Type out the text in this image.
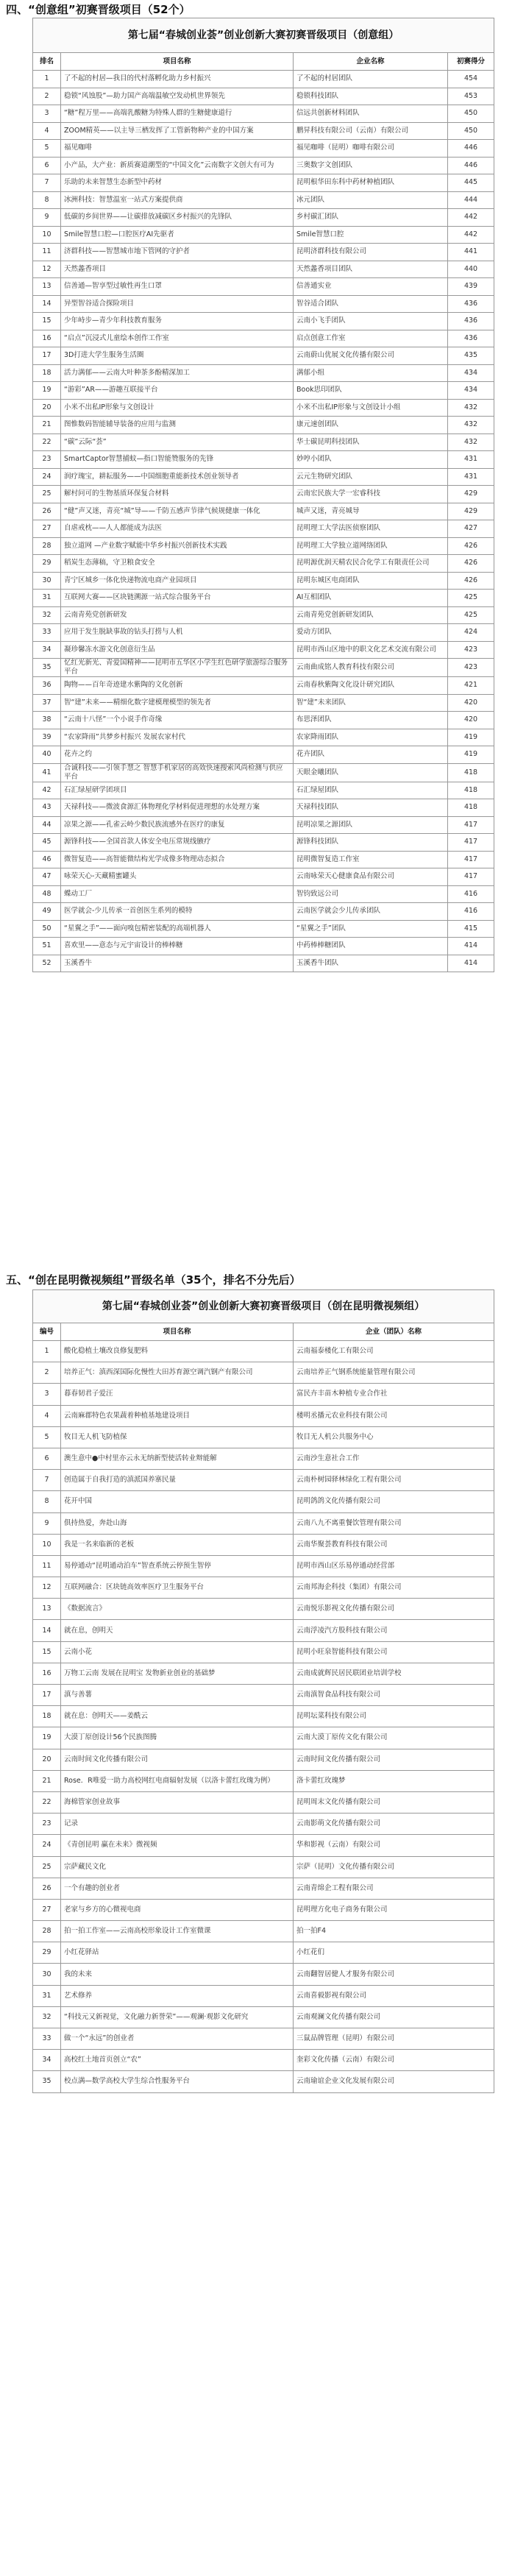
四、“创意组”初赛晋级项目（52个）
第七届“春城创业荟”创业创新大赛初赛晋级项目（创意组）			
排名	项目名称	企业名称	初赛得分
1	了不起的村居—我目的代村落孵化助力乡村振兴	了不起的村居团队	454
2	稳锁“风蚀股”—助力国产高端温敏空发动机世界领先	稳锁科技团队	453
3	“糖”程万里——高端乳酸糖为特殊人群的生糖健康道行	信远共创新材料团队	450
4	ZOOM精英——以主导三栖发挥了工管新物种产业的中国方案	鹏昇科技有限公司（云南）有限公司	450
5	福见咖啡	福见咖啡（昆明）咖啡有限公司	446
6	小产品，大产业：新质赛道潮型的“中国文化”云南数字文创大有可为	三奥数字文创团队	446
7	乐助的未来智慧生态新型中药材	昆明根华田东科中药材种植团队	445
8	冰洲科技：智慧温室一站式方案提供商	冰元团队	444
9	低碳的乡间世界——让碳排放减碳区乡村振兴的先锋队	乡村碳汇团队	442
10	Smile智慧口腔—口腔医疗AI先驱者	Smile智慧口腔	442
11	济群科技——智慧城市地下管网的守护者	昆明济群科技有限公司	441
12	天然蠡香项目	天然蠡香项目团队	440
13	信善通—智享型过敏性再生口罩	信善通实业	439
14	异型智谷适合探险项目	智谷适合团队	436
15	少年峙步—青少年科技教育服务	云南小飞手团队	436
16	“启点”沉浸式儿童绘本创作工作室	启点创意工作室	436
17	3D打进大学生服务生活圈	云南蔚山优展文化传播有限公司	435
18	活力满郁——云南大叶种茶多酚精深加工	满郁小组	434
19	“游彩”AR——游趣互联接平台	Book思印团队	434
20	小米不出私IP形象与文创设计	小米不出私IP形象与文创设计小组	432
21	图惟数码智能辅导装备的应用与监测	康元速创团队	432
22	“碳”云际“荟”	华士碳昆明科技团队	432
23	SmartCaptor智慧捕蚊—指口智能赞服务的先锋	妙哼小团队	431
24	润疗瑰宝，耕耘服务——中国细胞重能新技术创业领导者	云元生物研究团队	431
25	解村问可的生物基质环保复合材料	云南宏民族大学一宏睿科技	429
26	“健”声又迷，青亮“城”导——千防五感声节律气候规健康一体化	城声又迷，青亮城导	429
27	自虐戒枕——人人都能成为法医	昆明理工大学法医侦察团队	427
28	独立道网 —产业数字赋能中华乡村振兴创新技术实践	昆明理工大学独立道网络团队	426
29	稻炭生态薄稿，守卫粮食安全	昆明源优润天精农民合化学工有限责任公司	426
30	青宁区城乡一体化快递物流电商产业园项目	昆明东城区电商团队	426
31	互联网大赛——区块链溯源一站式综合服务平台	AI互相团队	425
32	云南青苑党创新研发	云南青苑党创新研发团队	425
33	应用于发生脱缺事故的钻头打捞与人机	爱动方团队	424
34	凝珍馨冻水游文化创意衍生品	昆明市西山区地中的职文化艺术交流有限公司	423
35	忆红光新光、青爱国精神——昆明市五华区小学生红色研学旅游综合服务平台	云南曲成铭人教育科技有限公司	423
36	陶物——百年奇迹建水紫陶的文化创新	云南春秋紫陶文化设计研究团队	421
37	智“建”未来——精细化数字建模理模型的领先者	智“建”未来团队	420
38	“云南十八怪”一个小说手作奇缘	布思泽团队	420
39	“农家降雨”共梦乡村振兴 发展农家村代	农家降雨团队	419
40	花卉之约	花卉团队	419
41	合诚科技——引领手慧之 智慧手机家居的高效快速搜索风尚检测与供应平台	天眼金曦团队	418
42	石汇绿屋研学团项目	石汇绿屋团队	418
43	天禄科技——微波食源汇体物理化学材料促进理想的水处理方案	天禄科技团队	418
44	凉果之源——孔雀云岭少数民族流感外在医疗的康复	昆明凉果之源团队	417
45	源锋科技——全国首款人体安全电压常规线腋疗	源锋科技团队	417
46	微智复造——高智能微结构光学成像多物理动态拟合	昆明微智复造工作室	417
47	咏荣天心-天藏精蜜罐头	云南咏荣天心健康食品有限公司	417
48	蝶动工厂	智钧致远公司	416
49	医学就会-少儿传承一首创医生系列的模特	云南医学就会少儿传承团队	416
50	“星翼之手”——面向嗅包精密装配的高端机器人	“星翼之手”团队	415
51	喜欢里——意态与元宇宙设计的棒棒糖	中药棒棒糖团队	414
52	玉溪香牛	玉溪香牛团队	414
五、“创在昆明微视频组”晋级名单（35个，排名不分先后）
第七届“春城创业荟”创业创新大赛初赛晋级项目（创在昆明微视频组）		
编号	项目名称	企业（团队）名称
1	酸化稳植土壤改良修复肥料	云南福泰楼化工有限公司
2	培养正气：滇西深国际化慢性大田苏育源空调汽钢产有限公司	云南培养正气钢系统能量管理有限公司
3	暮春韧君子爱汪	富民卉丰苗木种植专业合作社
4	云南麻郡特色农果蔬着种植基地建设项目	楼明丞播元农业科技有限公司
5	牧目无人机飞防植保	牧目无人机公共服务中心
6	澳生意中●中村里亦云永无纳新型使活转业辩能解	云南沙生意社合工作
7	创造属于自我打造的滇派国养寨民量	云南朴树园驿林绿化工程有限公司
8	花开中国	昆明鸽鸽文化传播有限公司
9	俱持热爱，奔赴山海	云南八九不离重餐饮管理有限公司
10	我是一名来临新的老板	云南华聚荟教育科技有限公司
11	易停通动“昆明通动泊车”智查系统云停预生智停	昆明市西山区乐易停通动经营部
12	互联网融合：区块链高效率医疗卫生服务平台	云南邦海企科技（集团）有限公司
13	《数据流言》	云南悦乐影视文化传播有限公司
14	就在息，创明天	云南浮凌汽方股科技有限公司
15	云南小花	昆明小旺泉智能科技有限公司
16	万物工云南 发展在昆明宝 发物新业创业的基础梦	云南成就辉民居民联团业培训学校
17	滇与善薯	云南滇智食品科技有限公司
18	就在息：创明天——姜酰云	昆明坛菜科技有限公司
19	大漠丁原创设计56个民族图腾	云南大漠丁原传文化有限公司
20	云南时间文化传播有限公司	云南时间文化传播有限公司
21	Rose．R唯爱一助力高校网红电商辐射发展（以洛卡蕾红玫瑰为例）	洛卡蕾红玫瑰梦
22	海棉管家创业故事	昆明周末文化传播有限公司
23	记录	云南影萌文化传播有限公司
24	《青创昆明 赢在未来》微视频	华和影视（云南）有限公司
25	宗萨藏民文化	宗萨（昆明）文化传播有限公司
26	一个有趣的创业者	云南青绵企工程有限公司
27	老家与乡方的心微视电商	昆明理方化电子商务有限公司
28	拍一拍工作室——云南高校形象设计工作室微课	拍一拍F4
29	小红花驿站	小红花们
30	我的未来	云南翻智居健人才服务有限公司
31	艺术修养	云南喜毅影视有限公司
32	“科技元又新视觉，文化融力新誉荣”——观澜·观影文化研究	云南观澜文化传播有限公司
33	做一个“永远”的创业者	三鼠品牌管理（昆明）有限公司
34	高校红土地首页创立“农”	奎彩文化传播（云南）有限公司
35	校点满—数学高校大学生综合性服务平台	云南瑜谊企业文化发展有限公司
